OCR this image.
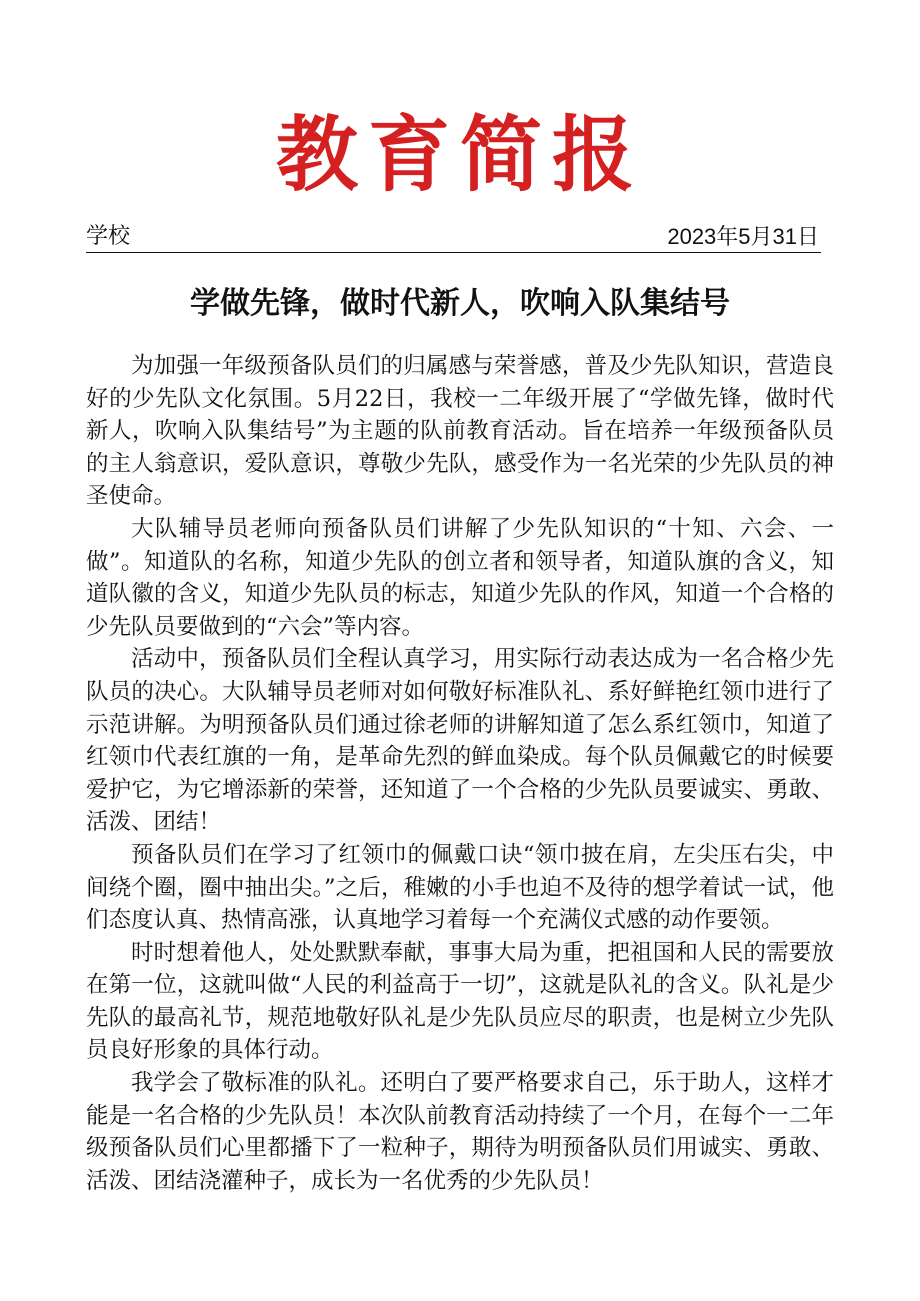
教育简报
学校	2023年5月31日
学做先锋，做时代新人，吹响入队集结号

为加强一年级预备队员们的归属感与荣誉感，普及少先队知识，营造良好的少先队文化氛围。5月22日，我校一二年级开展了“学做先锋，做时代新人，吹响入队集结号”为主题的队前教育活动。旨在培养一年级预备队员的主人翁意识，爱队意识，尊敬少先队，感受作为一名光荣的少先队员的神圣使命。

大队辅导员老师向预备队员们讲解了少先队知识的“十知、六会、一做”。知道队的名称，知道少先队的创立者和领导者，知道队旗的含义，知道队徽的含义，知道少先队员的标志，知道少先队的作风，知道一个合格的少先队员要做到的“六会”等内容。

活动中，预备队员们全程认真学习，用实际行动表达成为一名合格少先队员的决心。大队辅导员老师对如何敬好标准队礼、系好鲜艳红领巾进行了示范讲解。为明预备队员们通过徐老师的讲解知道了怎么系红领巾，知道了红领巾代表红旗的一角，是革命先烈的鲜血染成。每个队员佩戴它的时候要爱护它，为它增添新的荣誉，还知道了一个合格的少先队员要诚实、勇敢、活泼、团结！

预备队员们在学习了红领巾的佩戴口诀“领巾披在肩，左尖压右尖，中间绕个圈，圈中抽出尖。”之后，稚嫩的小手也迫不及待的想学着试一试，他们态度认真、热情高涨，认真地学习着每一个充满仪式感的动作要领。

时时想着他人，处处默默奉献，事事大局为重，把祖国和人民的需要放在第一位，这就叫做“人民的利益高于一切”，这就是队礼的含义。队礼是少先队的最高礼节，规范地敬好队礼是少先队员应尽的职责，也是树立少先队员良好形象的具体行动。

我学会了敬标准的队礼。还明白了要严格要求自己，乐于助人，这样才能是一名合格的少先队员！本次队前教育活动持续了一个月，在每个一二年级预备队员们心里都播下了一粒种子，期待为明预备队员们用诚实、勇敢、活泼、团结浇灌种子，成长为一名优秀的少先队员！
